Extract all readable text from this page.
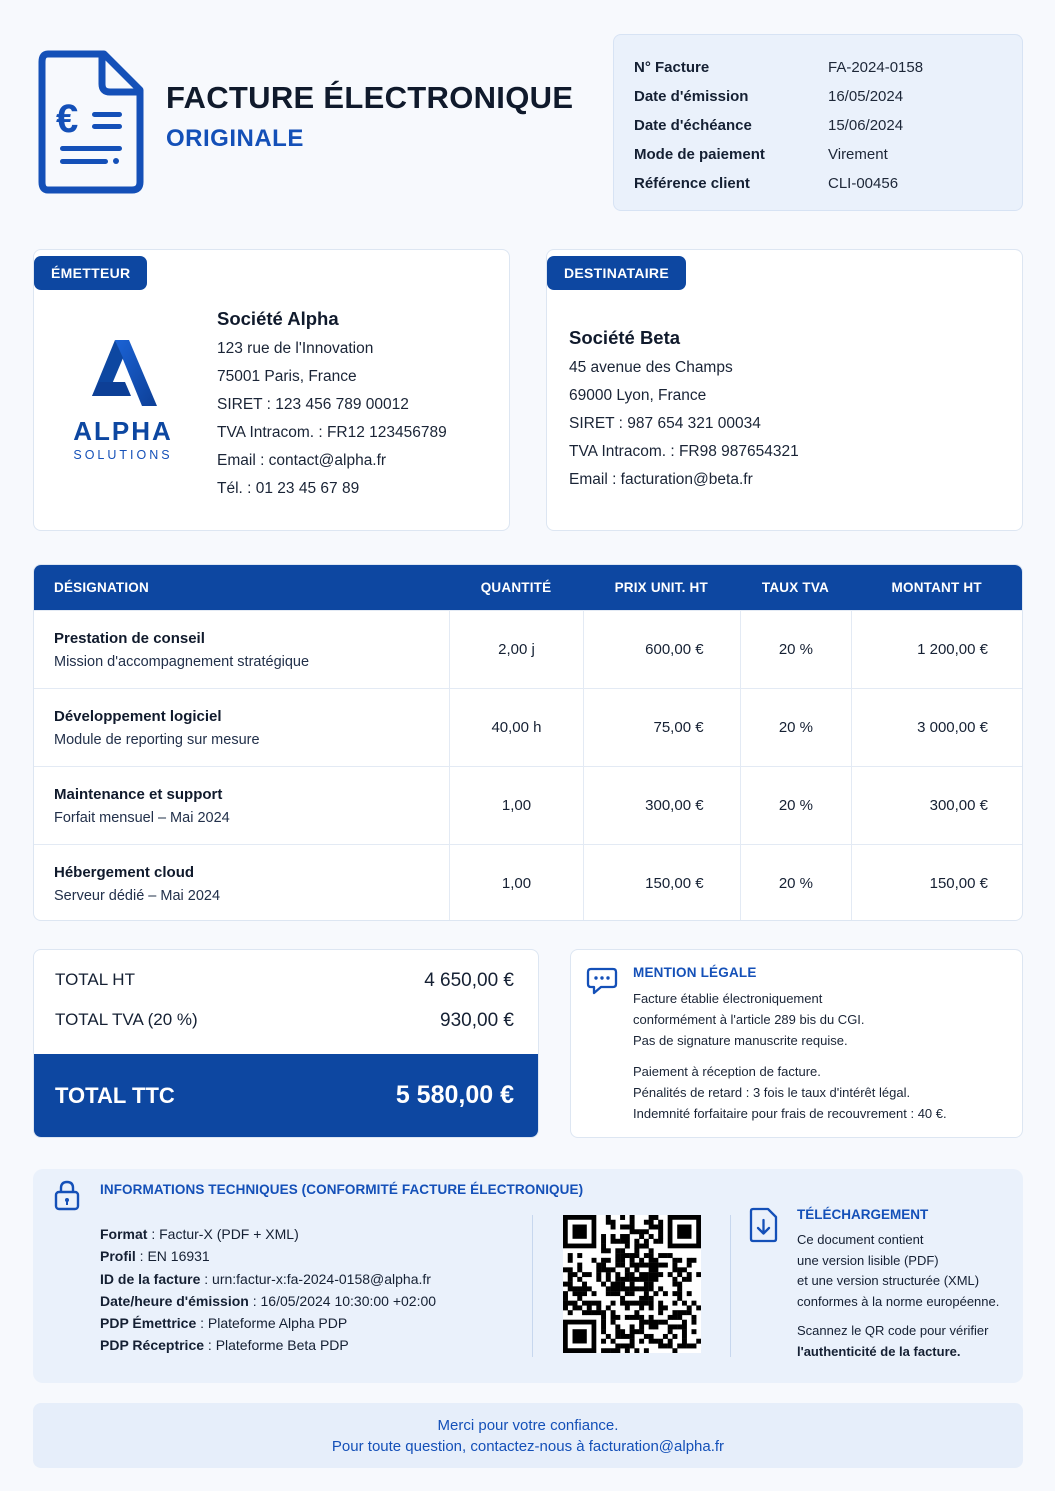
€	FACTURE ÉLECTRONIQUE
ORIGINALE
N° Facture	FA-2024-0158
Date d'émission	16/05/2024
Date d'échéance	15/06/2024
Mode de paiement	Virement
Référence client	CLI-00456
ÉMETTEUR
Société Alpha
123 rue de l'Innovation
75001 Paris, France
SIRET : 123 456 789 00012
TVA Intracom. : FR12 123456789
Email : contact@alpha.fr
Tél. : 01 23 45 67 89
ALPHA
SOLUTIONS
DESTINATAIRE
Société Beta
45 avenue des Champs
69000 Lyon, France
SIRET : 987 654 321 00034
TVA Intracom. : FR98 987654321
Email : facturation@beta.fr
DÉSIGNATION	QUANTITÉ	PRIX UNIT. HT	TAUX TVA	MONTANT HT
Prestation de conseil
Mission d'accompagnement stratégique
2,00 j	600,00 €	20 %	1 200,00 €
Développement logiciel
Module de reporting sur mesure
40,00 h	75,00 €	20 %	3 000,00 €
Maintenance et support
Forfait mensuel – Mai 2024
1,00	300,00 €	20 %	300,00 €
Hébergement cloud
Serveur dédié – Mai 2024
1,00	150,00 €	20 %	150,00 €
TOTAL HT	4 650,00 €
TOTAL TVA (20 %)	930,00 €
TOTAL TTC	5 580,00 €
MENTION LÉGALE
Facture établie électroniquement
conformément à l'article 289 bis du CGI.
Pas de signature manuscrite requise.
Paiement à réception de facture.
Pénalités de retard : 3 fois le taux d'intérêt légal.
Indemnité forfaitaire pour frais de recouvrement : 40 €.
INFORMATIONS TECHNIQUES (CONFORMITÉ FACTURE ÉLECTRONIQUE)
Format : Factur-X (PDF + XML)
Profil : EN 16931
ID de la facture : urn:factur-x:fa-2024-0158@alpha.fr
Date/heure d'émission : 16/05/2024 10:30:00 +02:00
PDP Émettrice : Plateforme Alpha PDP
PDP Réceptrice : Plateforme Beta PDP
TÉLÉCHARGEMENT
Ce document contient
une version lisible (PDF)
et une version structurée (XML)
conformes à la norme européenne.
Scannez le QR code pour vérifier
l'authenticité de la facture.
Merci pour votre confiance.
Pour toute question, contactez-nous à facturation@alpha.fr
